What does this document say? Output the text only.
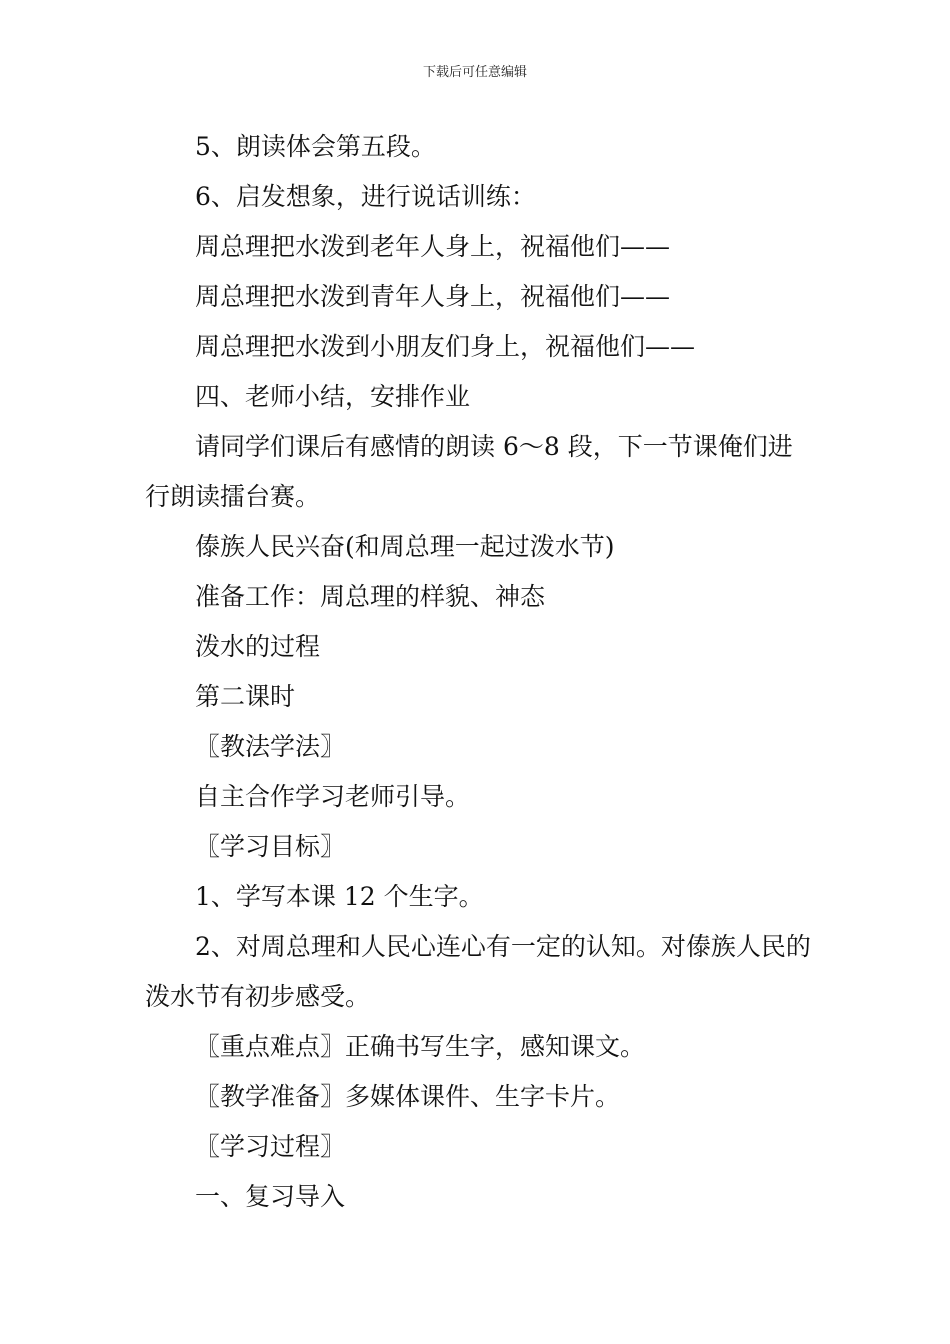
下载后可任意编辑

5、朗读体会第五段。

6、启发想象，进行说话训练：

周总理把水泼到老年人身上，祝福他们——

周总理把水泼到青年人身上，祝福他们——

周总理把水泼到小朋友们身上，祝福他们——

四、老师小结，安排作业

请同学们课后有感情的朗读 6～8 段，下一节课俺们进行朗读擂台赛。

傣族人民兴奋(和周总理一起过泼水节)

准备工作：周总理的样貌、神态

泼水的过程

第二课时

〖教法学法〗

自主合作学习老师引导。

〖学习目标〗

1、学写本课 12 个生字。

2、对周总理和人民心连心有一定的认知。对傣族人民的泼水节有初步感受。

〖重点难点〗正确书写生字，感知课文。

〖教学准备〗多媒体课件、生字卡片。

〖学习过程〗

一、复习导入
